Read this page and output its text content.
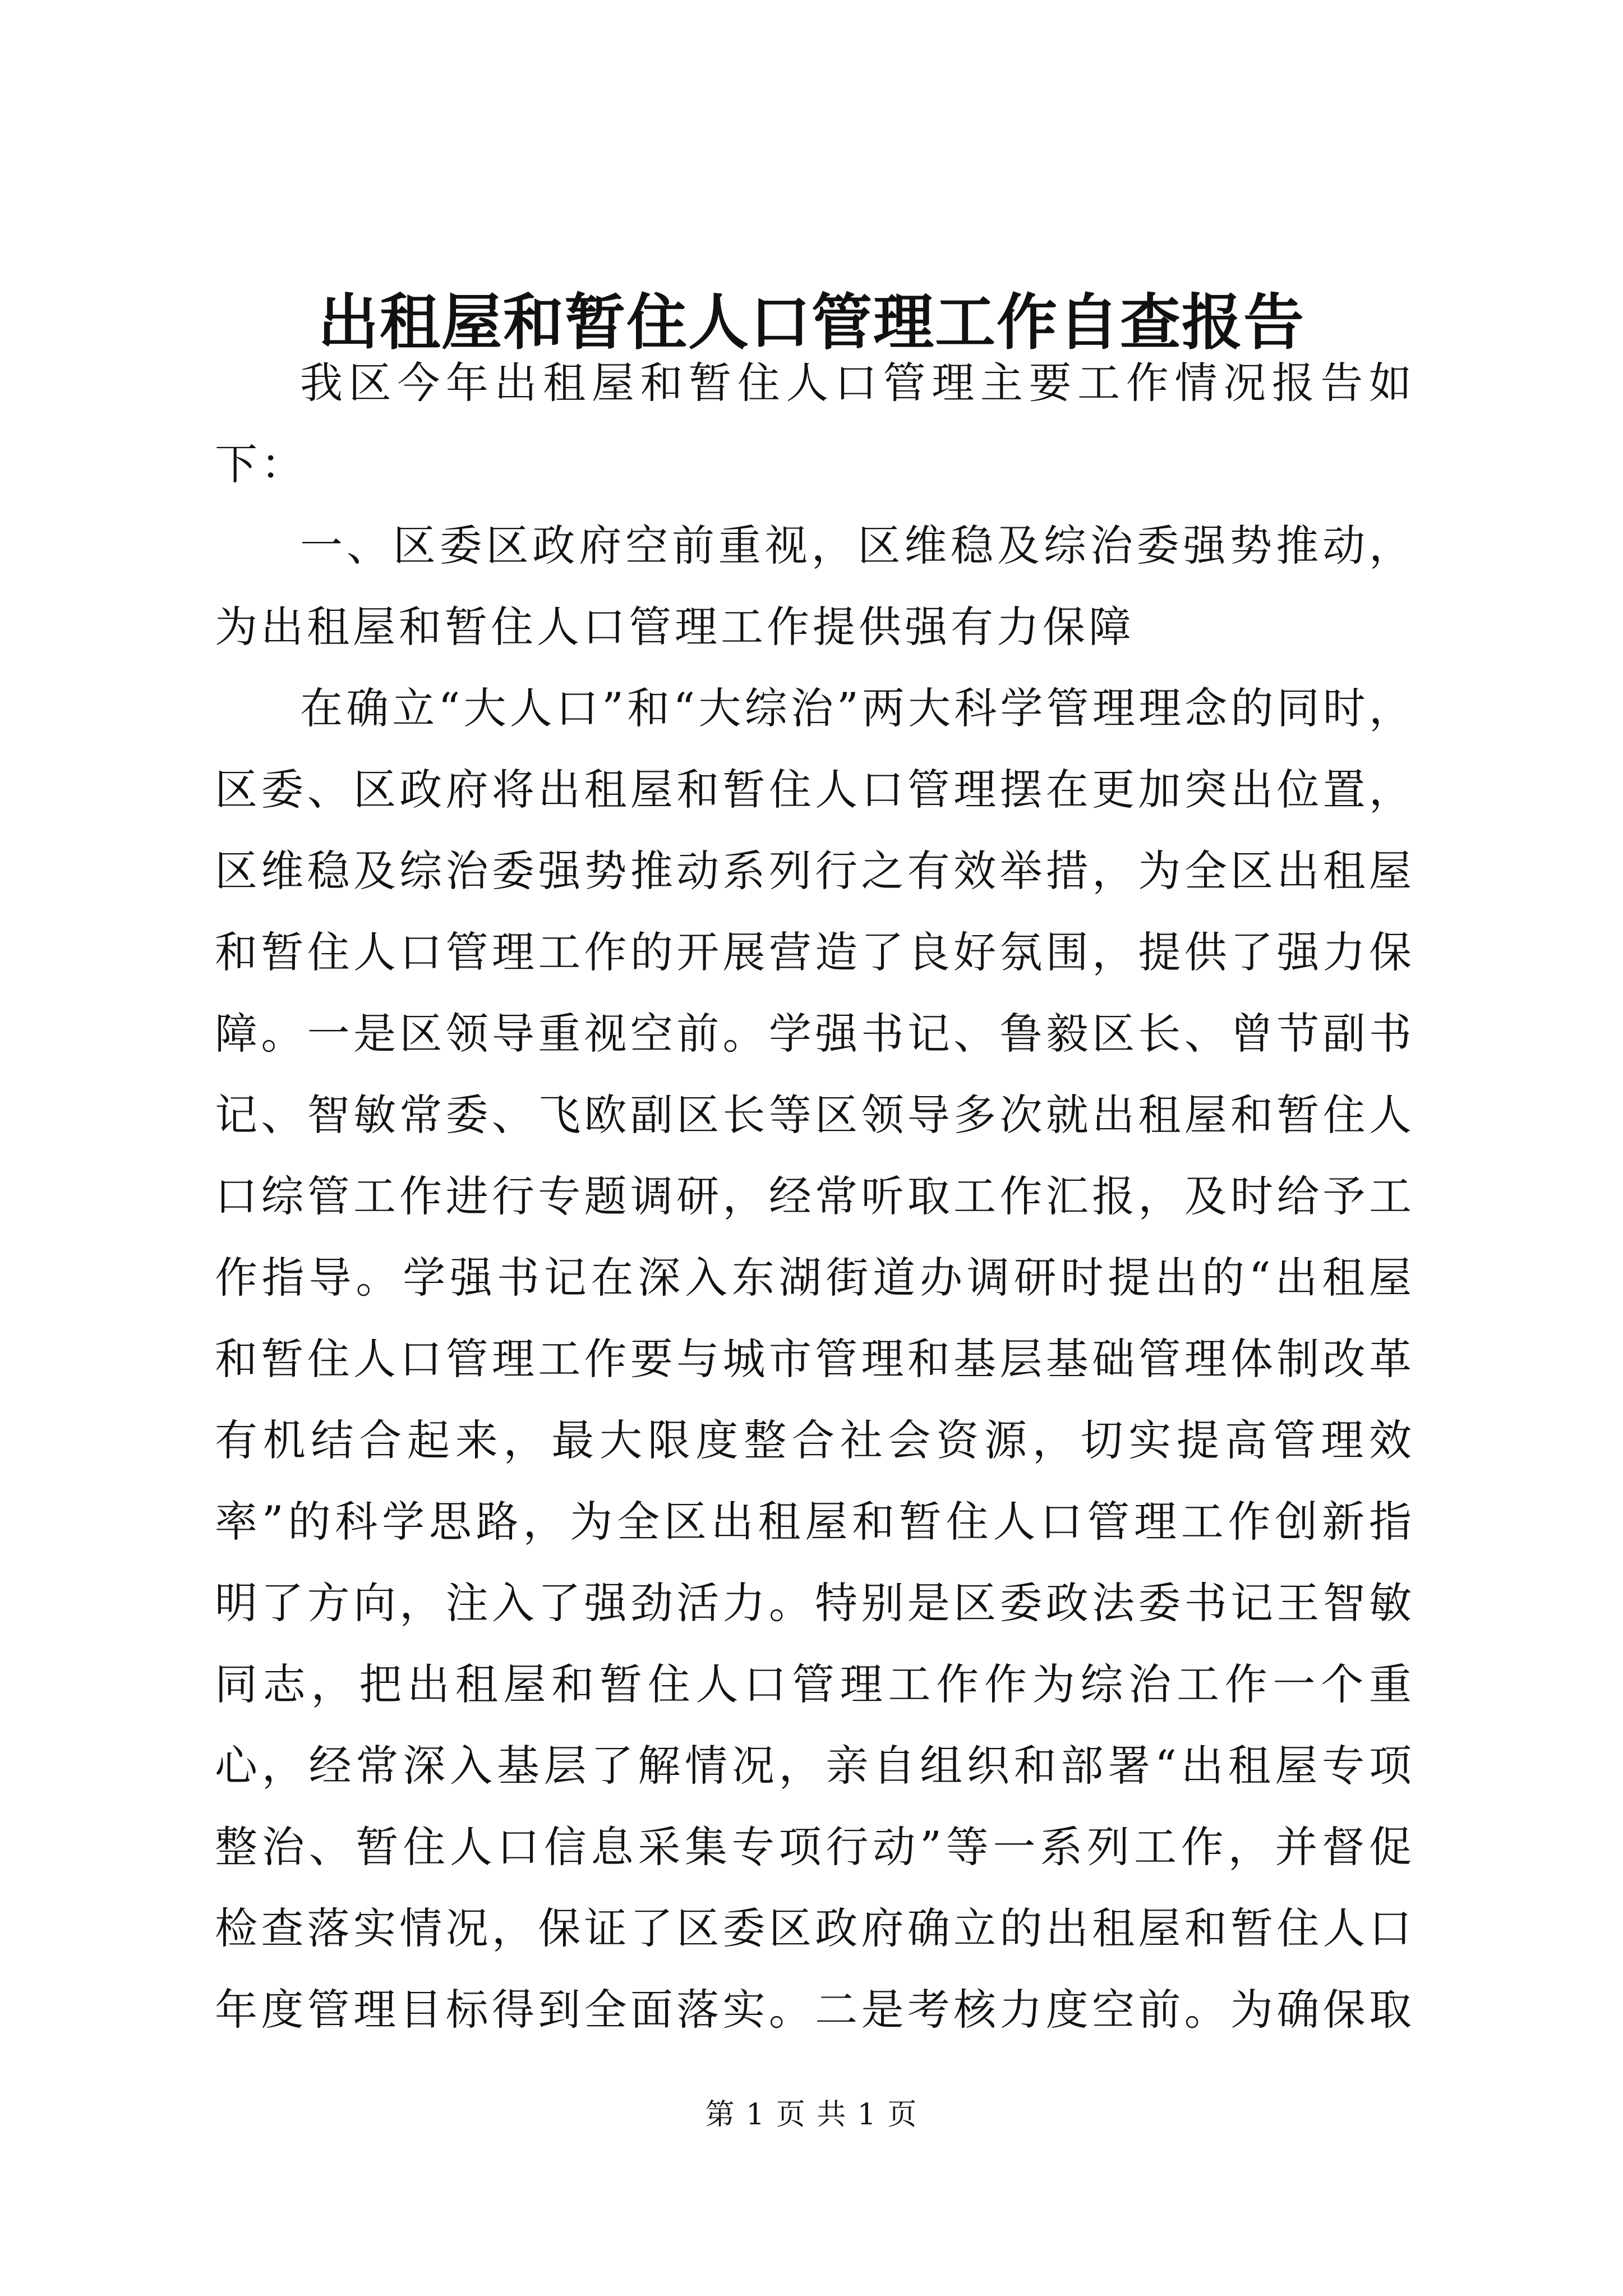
出租屋和暂住人口管理工作自查报告

我区今年出租屋和暂住人口管理主要工作情况报告如下：

一、区委区政府空前重视，区维稳及综治委强势推动，为出租屋和暂住人口管理工作提供强有力保障

在确立“大人口”和“大综治”两大科学管理理念的同时，区委、区政府将出租屋和暂住人口管理摆在更加突出位置，区维稳及综治委强势推动系列行之有效举措，为全区出租屋和暂住人口管理工作的开展营造了良好氛围，提供了强力保障。一是区领导重视空前。学强书记、鲁毅区长、曾节副书记、智敏常委、飞欧副区长等区领导多次就出租屋和暂住人口综管工作进行专题调研，经常听取工作汇报，及时给予工作指导。学强书记在深入东湖街道办调研时提出的“出租屋和暂住人口管理工作要与城市管理和基层基础管理体制改革有机结合起来，最大限度整合社会资源，切实提高管理效率”的科学思路，为全区出租屋和暂住人口管理工作创新指明了方向，注入了强劲活力。特别是区委政法委书记王智敏同志，把出租屋和暂住人口管理工作作为综治工作一个重心，经常深入基层了解情况，亲自组织和部署“出租屋专项整治、暂住人口信息采集专项行动”等一系列工作，并督促检查落实情况，保证了区委区政府确立的出租屋和暂住人口年度管理目标得到全面落实。二是考核力度空前。为确保取

第 1 页 共 1 页
